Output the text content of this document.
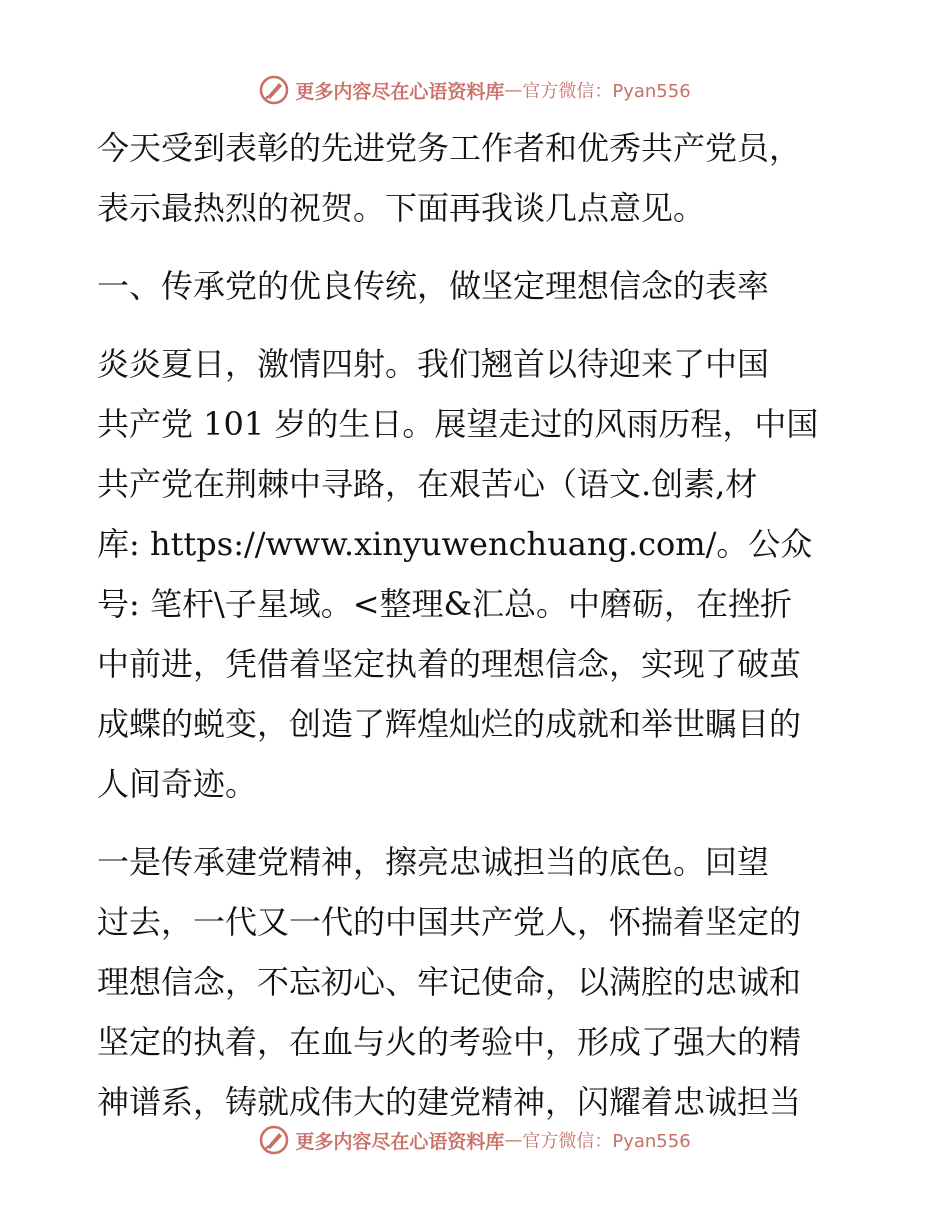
更多内容尽在心语资料库 — 官方微信：Pyan556
今天受到表彰的先进党务工作者和优秀共产党员，
表示最热烈的祝贺。下面再我谈几点意见。
一、传承党的优良传统，做坚定理想信念的表率
炎炎夏日，激情四射。我们翘首以待迎来了中国
共产党 101 岁的生日。展望走过的风雨历程，中国
共产党在荆棘中寻路，在艰苦心（语文.创素,材
库: https://www.xinyuwenchuang.com/。公众
号: 笔杆\子星域。<整理&汇总。中磨砺，在挫折
中前进，凭借着坚定执着的理想信念，实现了破茧
成蝶的蜕变，创造了辉煌灿烂的成就和举世瞩目的
人间奇迹。
一是传承建党精神，擦亮忠诚担当的底色。回望
过去，一代又一代的中国共产党人，怀揣着坚定的
理想信念，不忘初心、牢记使命，以满腔的忠诚和
坚定的执着，在血与火的考验中，形成了强大的精
神谱系，铸就成伟大的建党精神，闪耀着忠诚担当
更多内容尽在心语资料库 — 官方微信：Pyan556
